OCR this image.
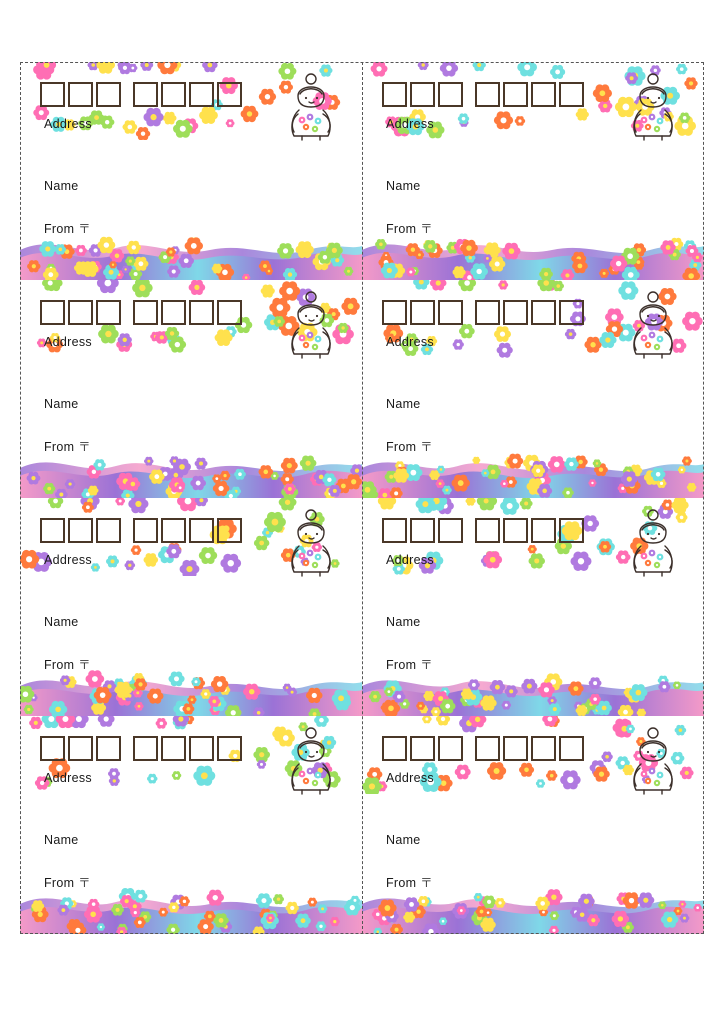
Address
Name
From 〒
Address
Name
From 〒
Address
Name
From 〒
Address
Name
From 〒
Address
Name
From 〒
Address
Name
From 〒
Address
Name
From 〒
Address
Name
From 〒
